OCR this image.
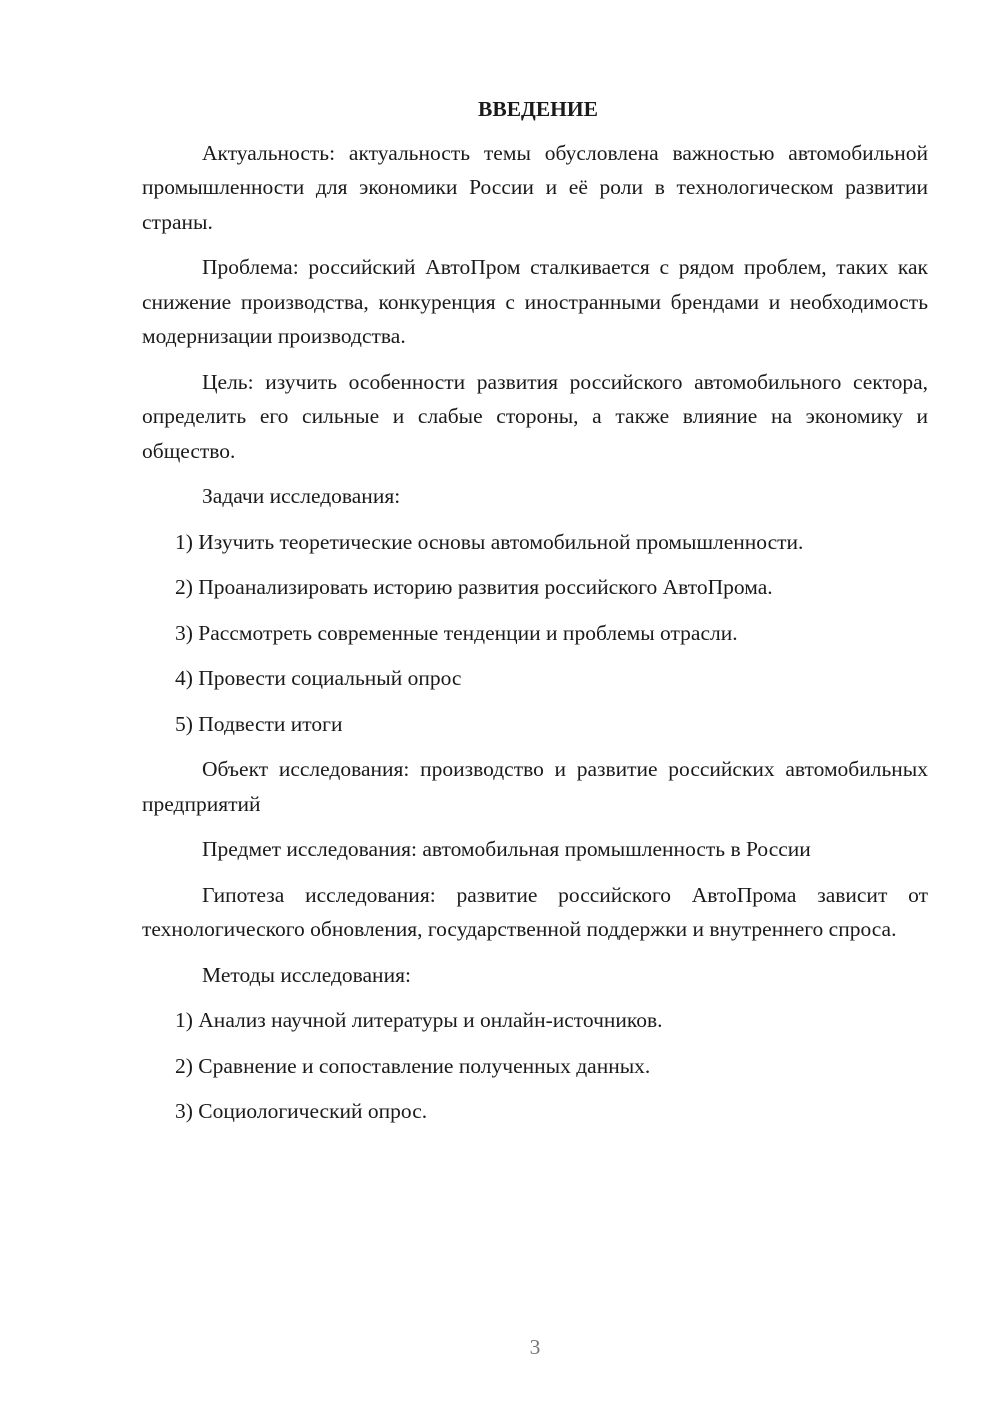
ВВЕДЕНИЕ

Актуальность: актуальность темы обусловлена важностью автомобильной промышленности для экономики России и её роли в технологическом развитии страны.

Проблема: российский АвтоПром сталкивается с рядом проблем, таких как снижение производства, конкуренция с иностранными брендами и необходимость модернизации производства.

Цель: изучить особенности развития российского автомобильного сектора, определить его сильные и слабые стороны, а также влияние на экономику и общество.

Задачи исследования:

1) Изучить теоретические основы автомобильной промышленности.

2) Проанализировать историю развития российского АвтоПрома.

3) Рассмотреть современные тенденции и проблемы отрасли.

4) Провести социальный опрос

5) Подвести итоги

Объект исследования: производство и развитие российских автомобильных предприятий

Предмет исследования: автомобильная промышленность в России

Гипотеза исследования: развитие российского АвтоПрома зависит от технологического обновления, государственной поддержки и внутреннего спроса.

Методы исследования:

1) Анализ научной литературы и онлайн-источников.

2) Сравнение и сопоставление полученных данных.

3) Социологический опрос.

3
